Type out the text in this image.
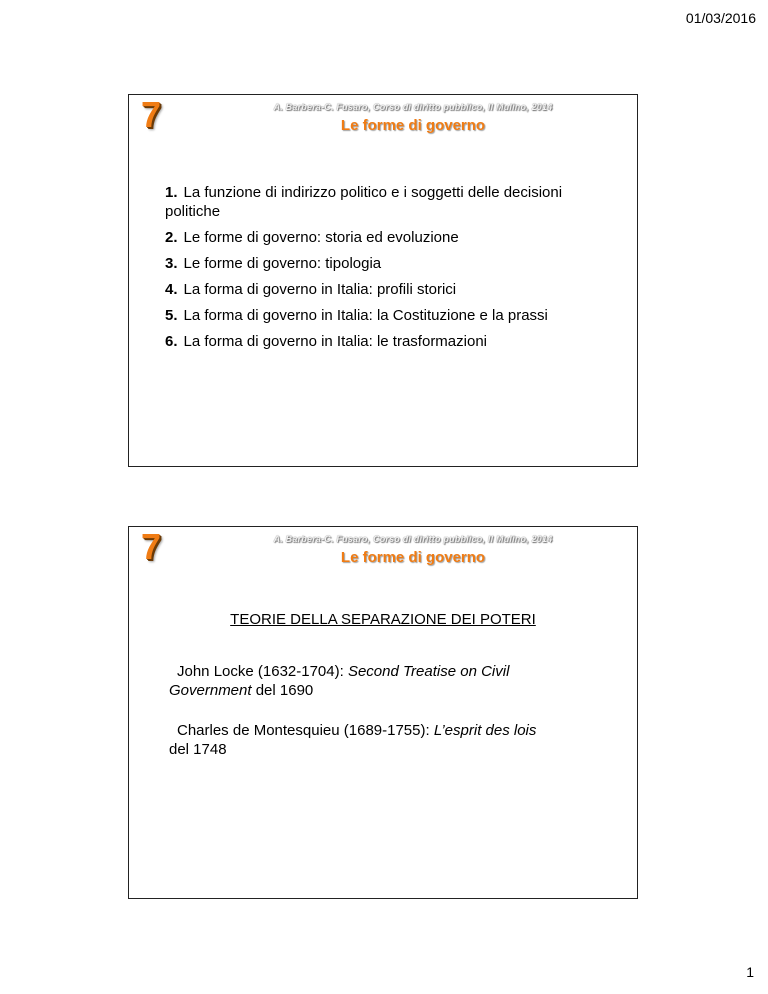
01/03/2016
7	A. Barbera-C. Fusaro, Corso di diritto pubblico, Il Mulino, 2014
Le forme di governo
1. La funzione di indirizzo politico e i soggetti delle decisioni politiche
2. Le forme di governo: storia ed evoluzione
3. Le forme di governo: tipologia
4. La forma di governo in Italia: profili storici
5. La forma di governo in Italia: la Costituzione e la prassi
6. La forma di governo in Italia: le trasformazioni
7	A. Barbera-C. Fusaro, Corso di diritto pubblico, Il Mulino, 2014
Le forme di governo
TEORIE DELLA SEPARAZIONE DEI POTERI
John Locke (1632-1704): Second Treatise on Civil
Government del 1690
Charles de Montesquieu (1689-1755): L’esprit des lois
del 1748
1
